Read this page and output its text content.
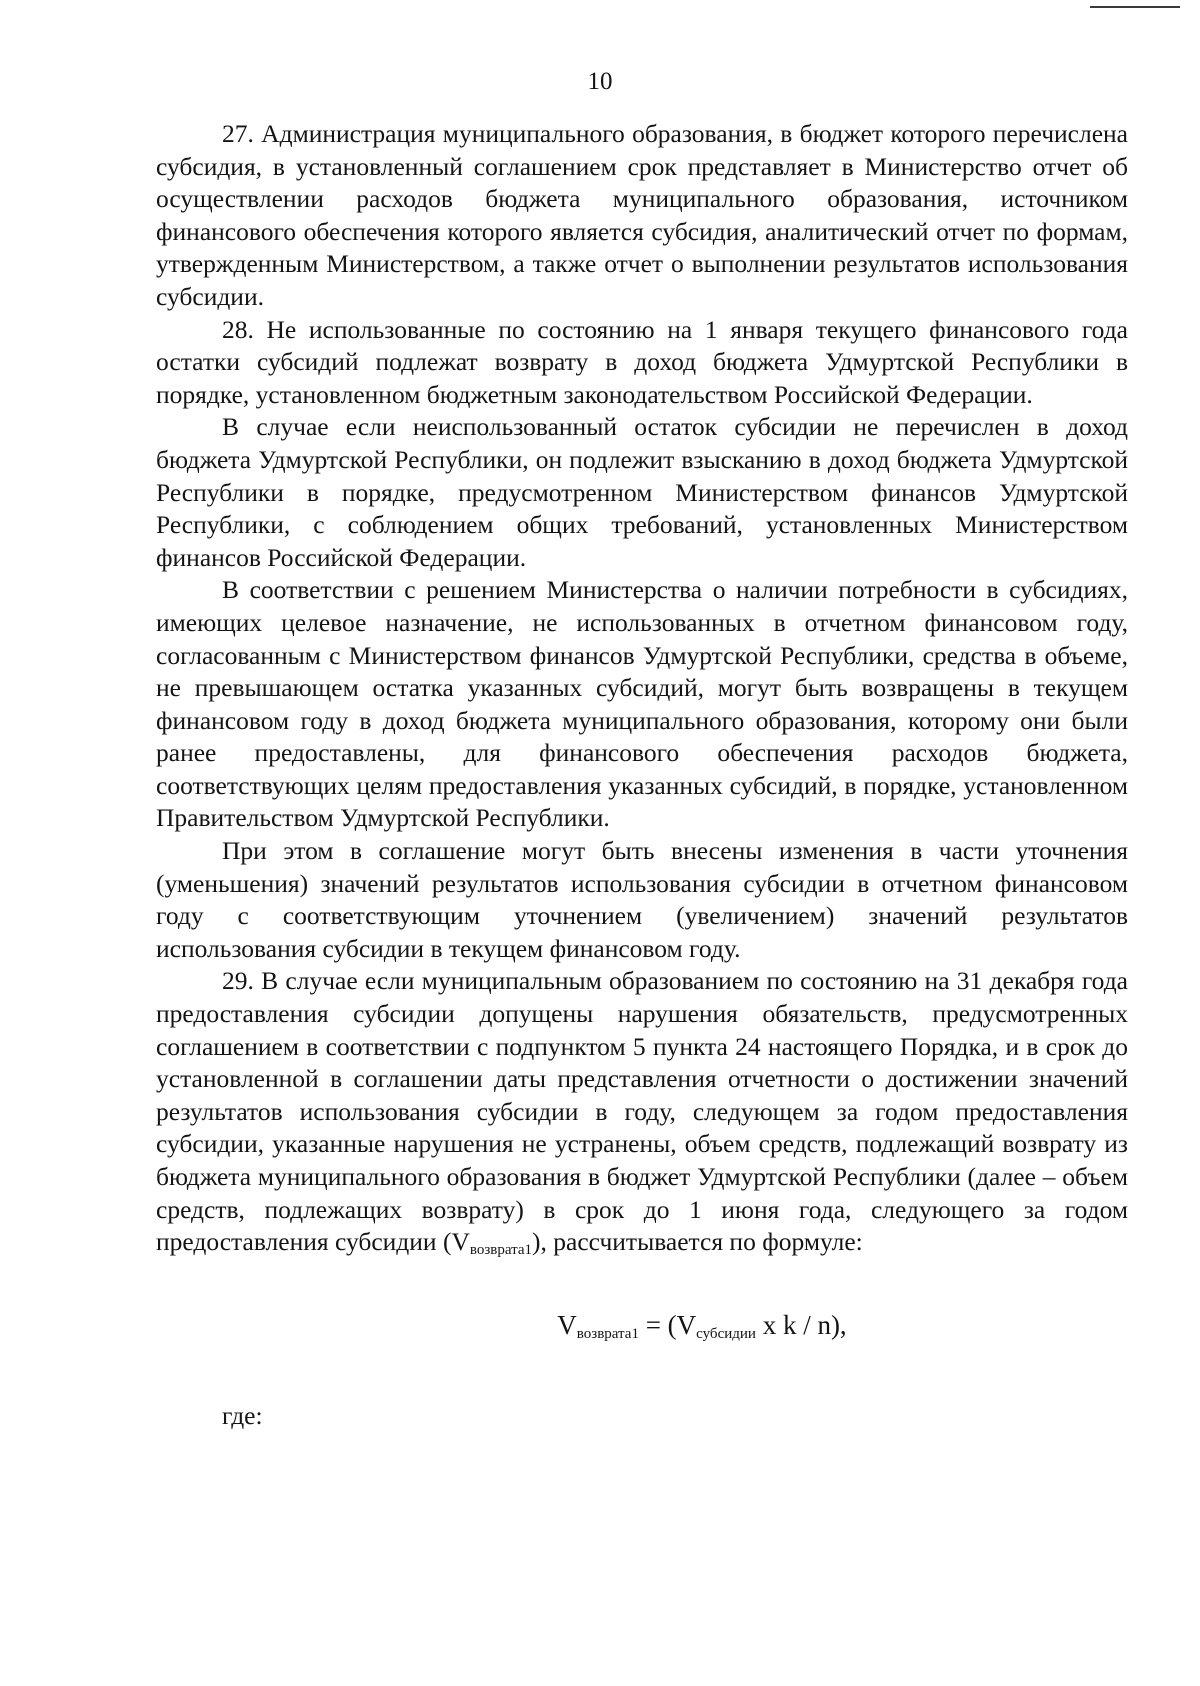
10

27. Администрация муниципального образования, в бюджет которого перечислена субсидия, в установленный соглашением срок представляет в Министерство отчет об осуществлении расходов бюджета муниципального образования, источником финансового обеспечения которого является субсидия, аналитический отчет по формам, утвержденным Министерством, а также отчет о выполнении результатов использования субсидии.

28. Не использованные по состоянию на 1 января текущего финансового года остатки субсидий подлежат возврату в доход бюджета Удмуртской Республики в порядке, установленном бюджетным законодательством Российской Федерации.

В случае если неиспользованный остаток субсидии не перечислен в доход бюджета Удмуртской Республики, он подлежит взысканию в доход бюджета Удмуртской Республики в порядке, предусмотренном Министерством финансов Удмуртской Республики, с соблюдением общих требований, установленных Министерством финансов Российской Федерации.

В соответствии с решением Министерства о наличии потребности в субсидиях, имеющих целевое назначение, не использованных в отчетном финансовом году, согласованным с Министерством финансов Удмуртской Республики, средства в объеме, не превышающем остатка указанных субсидий, могут быть возвращены в текущем финансовом году в доход бюджета муниципального образования, которому они были ранее предоставлены, для финансового обеспечения расходов бюджета, соответствующих целям предоставления указанных субсидий, в порядке, установленном Правительством Удмуртской Республики.

При этом в соглашение могут быть внесены изменения в части уточнения (уменьшения) значений результатов использования субсидии в отчетном финансовом году с соответствующим уточнением (увеличением) значений результатов использования субсидии в текущем финансовом году.

29. В случае если муниципальным образованием по состоянию на 31 декабря года предоставления субсидии допущены нарушения обязательств, предусмотренных соглашением в соответствии с подпунктом 5 пункта 24 настоящего Порядка, и в срок до установленной в соглашении даты представления отчетности о достижении значений результатов использования субсидии в году, следующем за годом предоставления субсидии, указанные нарушения не устранены, объем средств, подлежащий возврату из бюджета муниципального образования в бюджет Удмуртской Республики (далее – объем средств, подлежащих возврату) в срок до 1 июня года, следующего за годом предоставления субсидии $(V_{возврата1})$, рассчитывается по формуле:

$V_{возврата1} = (V_{субсидии}$ x k / n),
где:
